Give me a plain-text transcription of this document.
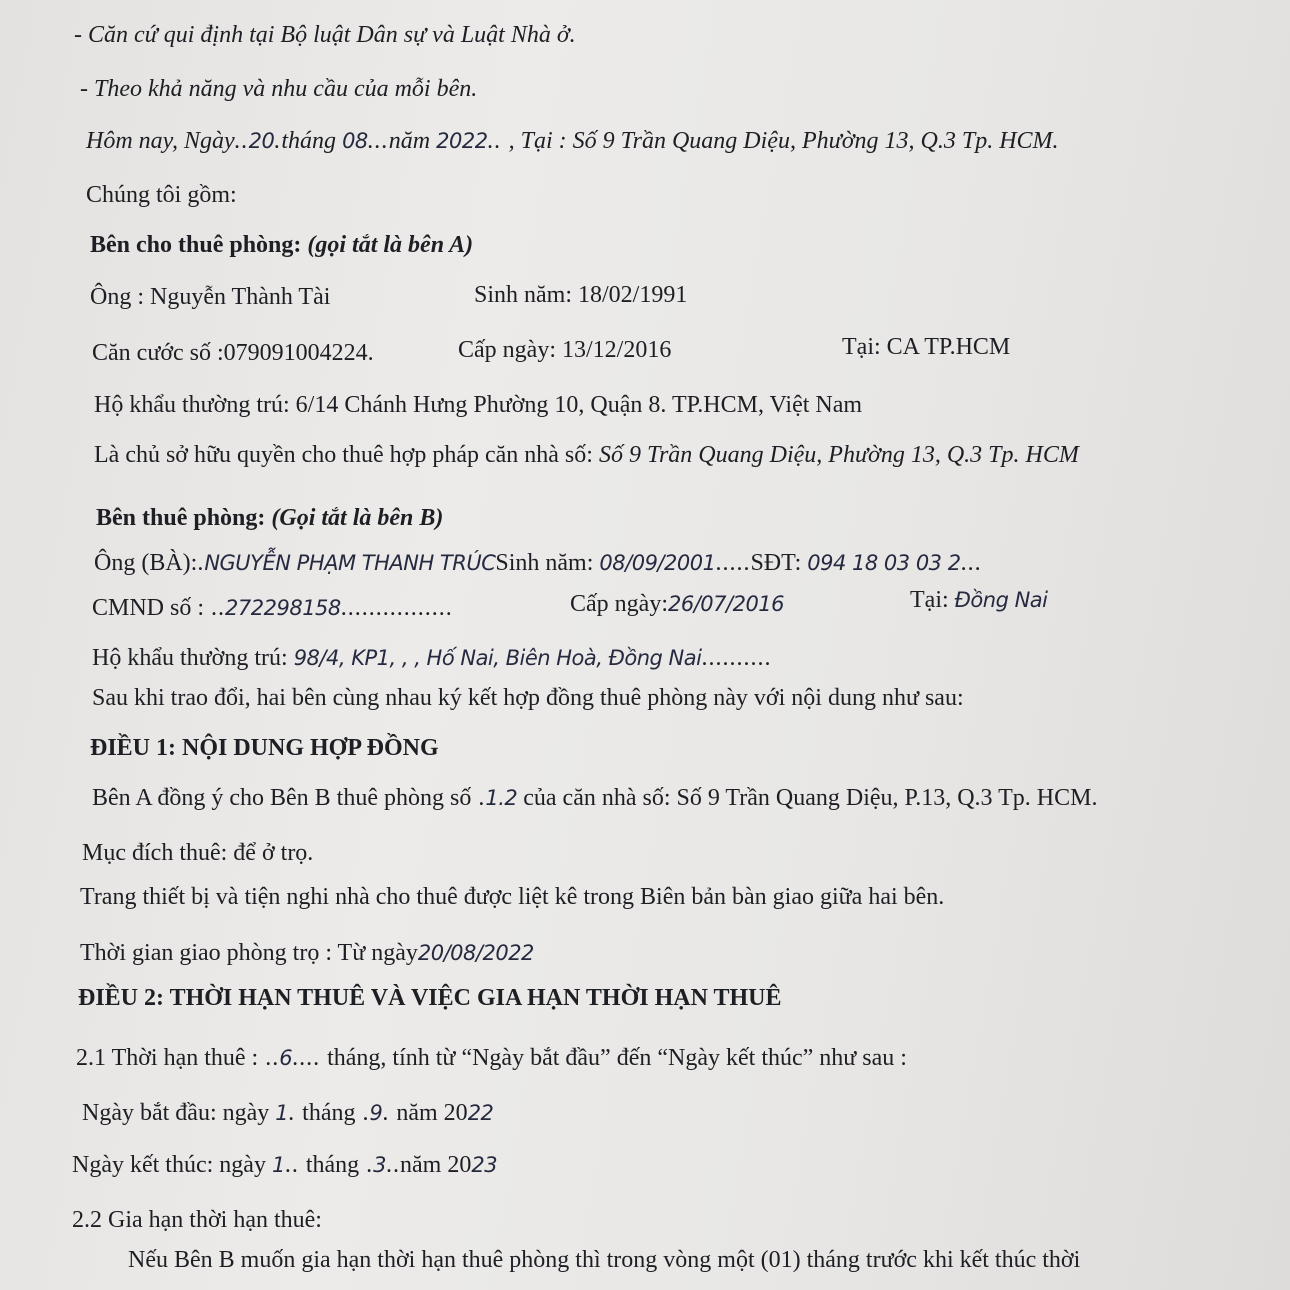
- Căn cứ qui định tại Bộ luật Dân sự và Luật Nhà ở.
- Theo khả năng và nhu cầu của mỗi bên.
Hôm nay, Ngày..20.tháng 08...năm 2022.. , Tại : Số 9 Trần Quang Diệu, Phường 13, Q.3 Tp. HCM.
Chúng tôi gồm:
Bên cho thuê phòng: (gọi tắt là bên A)
Ông : Nguyễn Thành Tài	Sinh năm: 18/02/1991
Căn cước số :079091004224.	Cấp ngày: 13/12/2016	Tại: CA TP.HCM
Hộ khẩu thường trú: 6/14 Chánh Hưng Phường 10, Quận 8. TP.HCM, Việt Nam
Là chủ sở hữu quyền cho thuê hợp pháp căn nhà số: Số 9 Trần Quang Diệu, Phường 13, Q.3 Tp. HCM
Bên thuê phòng: (Gọi tắt là bên B)
Ông (BÀ):.NGUYỄN PHẠM THANH TRÚCSinh năm: 08/09/2001.....SĐT: 094 18 03 03 2...
CMND số : ..272298158................	Cấp ngày:26/07/2016	Tại: Đồng Nai
Hộ khẩu thường trú: 98/4, KP1, , , Hố Nai, Biên Hoà, Đồng Nai..........
Sau khi trao đổi, hai bên cùng nhau ký kết hợp đồng thuê phòng này với nội dung như sau:
ĐIỀU 1: NỘI DUNG HỢP ĐỒNG
Bên A đồng ý cho Bên B thuê phòng số .1.2 của căn nhà số: Số 9 Trần Quang Diệu, P.13, Q.3 Tp. HCM.
Mục đích thuê: để ở trọ.
Trang thiết bị và tiện nghi nhà cho thuê được liệt kê trong Biên bản bàn giao giữa hai bên.
Thời gian giao phòng trọ : Từ ngày20/08/2022
ĐIỀU 2: THỜI HẠN THUÊ VÀ VIỆC GIA HẠN THỜI HẠN THUÊ
2.1 Thời hạn thuê : ..6.... tháng, tính từ “Ngày bắt đầu” đến “Ngày kết thúc” như sau :
Ngày bắt đầu: ngày 1. tháng .9. năm 2022
Ngày kết thúc: ngày 1.. tháng .3..năm 2023
2.2 Gia hạn thời hạn thuê:
Nếu Bên B muốn gia hạn thời hạn thuê phòng thì trong vòng một (01) tháng trước khi kết thúc thời
